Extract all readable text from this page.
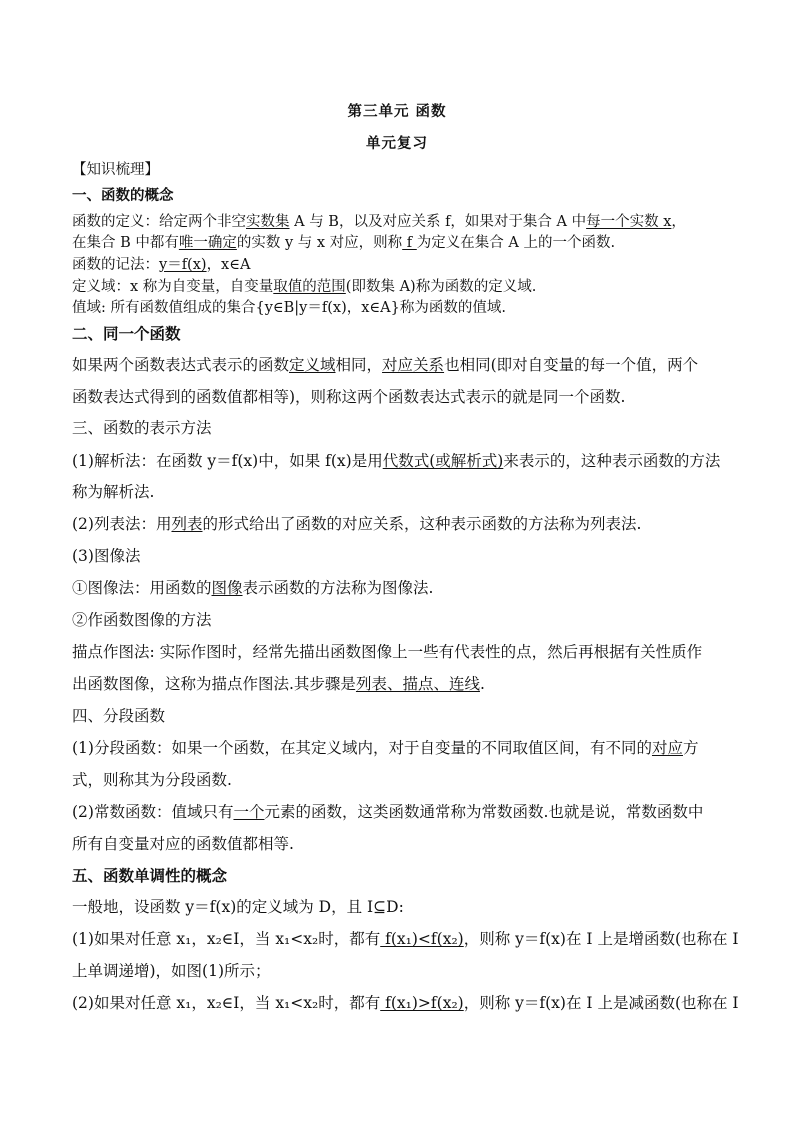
第三单元 函数
单元复习
【知识梳理】
一、函数的概念
函数的定义：给定两个非空实数集 A 与 B，以及对应关系 f，如果对于集合 A 中每一个实数 x，
在集合 B 中都有唯一确定的实数 y 与 x 对应，则称 f 为定义在集合 A 上的一个函数.
函数的记法：y＝f(x)，x∈A
定义域：x 称为自变量，自变量取值的范围(即数集 A)称为函数的定义域.
值域: 所有函数值组成的集合{y∈B|y＝f(x)，x∈A}称为函数的值域.
二、同一个函数
如果两个函数表达式表示的函数定义域相同，对应关系也相同(即对自变量的每一个值，两个
函数表达式得到的函数值都相等)，则称这两个函数表达式表示的就是同一个函数.
三、函数的表示方法
(1)解析法：在函数 y＝f(x)中，如果 f(x)是用代数式(或解析式)来表示的，这种表示函数的方法
称为解析法.
(2)列表法：用列表的形式给出了函数的对应关系，这种表示函数的方法称为列表法.
(3)图像法
①图像法：用函数的图像表示函数的方法称为图像法.
②作函数图像的方法
描点作图法: 实际作图时，经常先描出函数图像上一些有代表性的点，然后再根据有关性质作
出函数图像，这称为描点作图法.其步骤是列表、描点、连线.
四、分段函数
(1)分段函数：如果一个函数，在其定义域内，对于自变量的不同取值区间，有不同的对应方
式，则称其为分段函数.
(2)常数函数：值域只有一个元素的函数，这类函数通常称为常数函数.也就是说，常数函数中
所有自变量对应的函数值都相等.
五、函数单调性的概念
一般地，设函数 y＝f(x)的定义域为 D，且 I⊆D:
(1)如果对任意 x₁，x₂∈I，当 x₁<x₂时，都有 f(x₁)<f(x₂)，则称 y＝f(x)在 I 上是增函数(也称在 I
上单调递增)，如图(1)所示；
(2)如果对任意 x₁，x₂∈I，当 x₁<x₂时，都有 f(x₁)>f(x₂)，则称 y＝f(x)在 I 上是减函数(也称在 I
